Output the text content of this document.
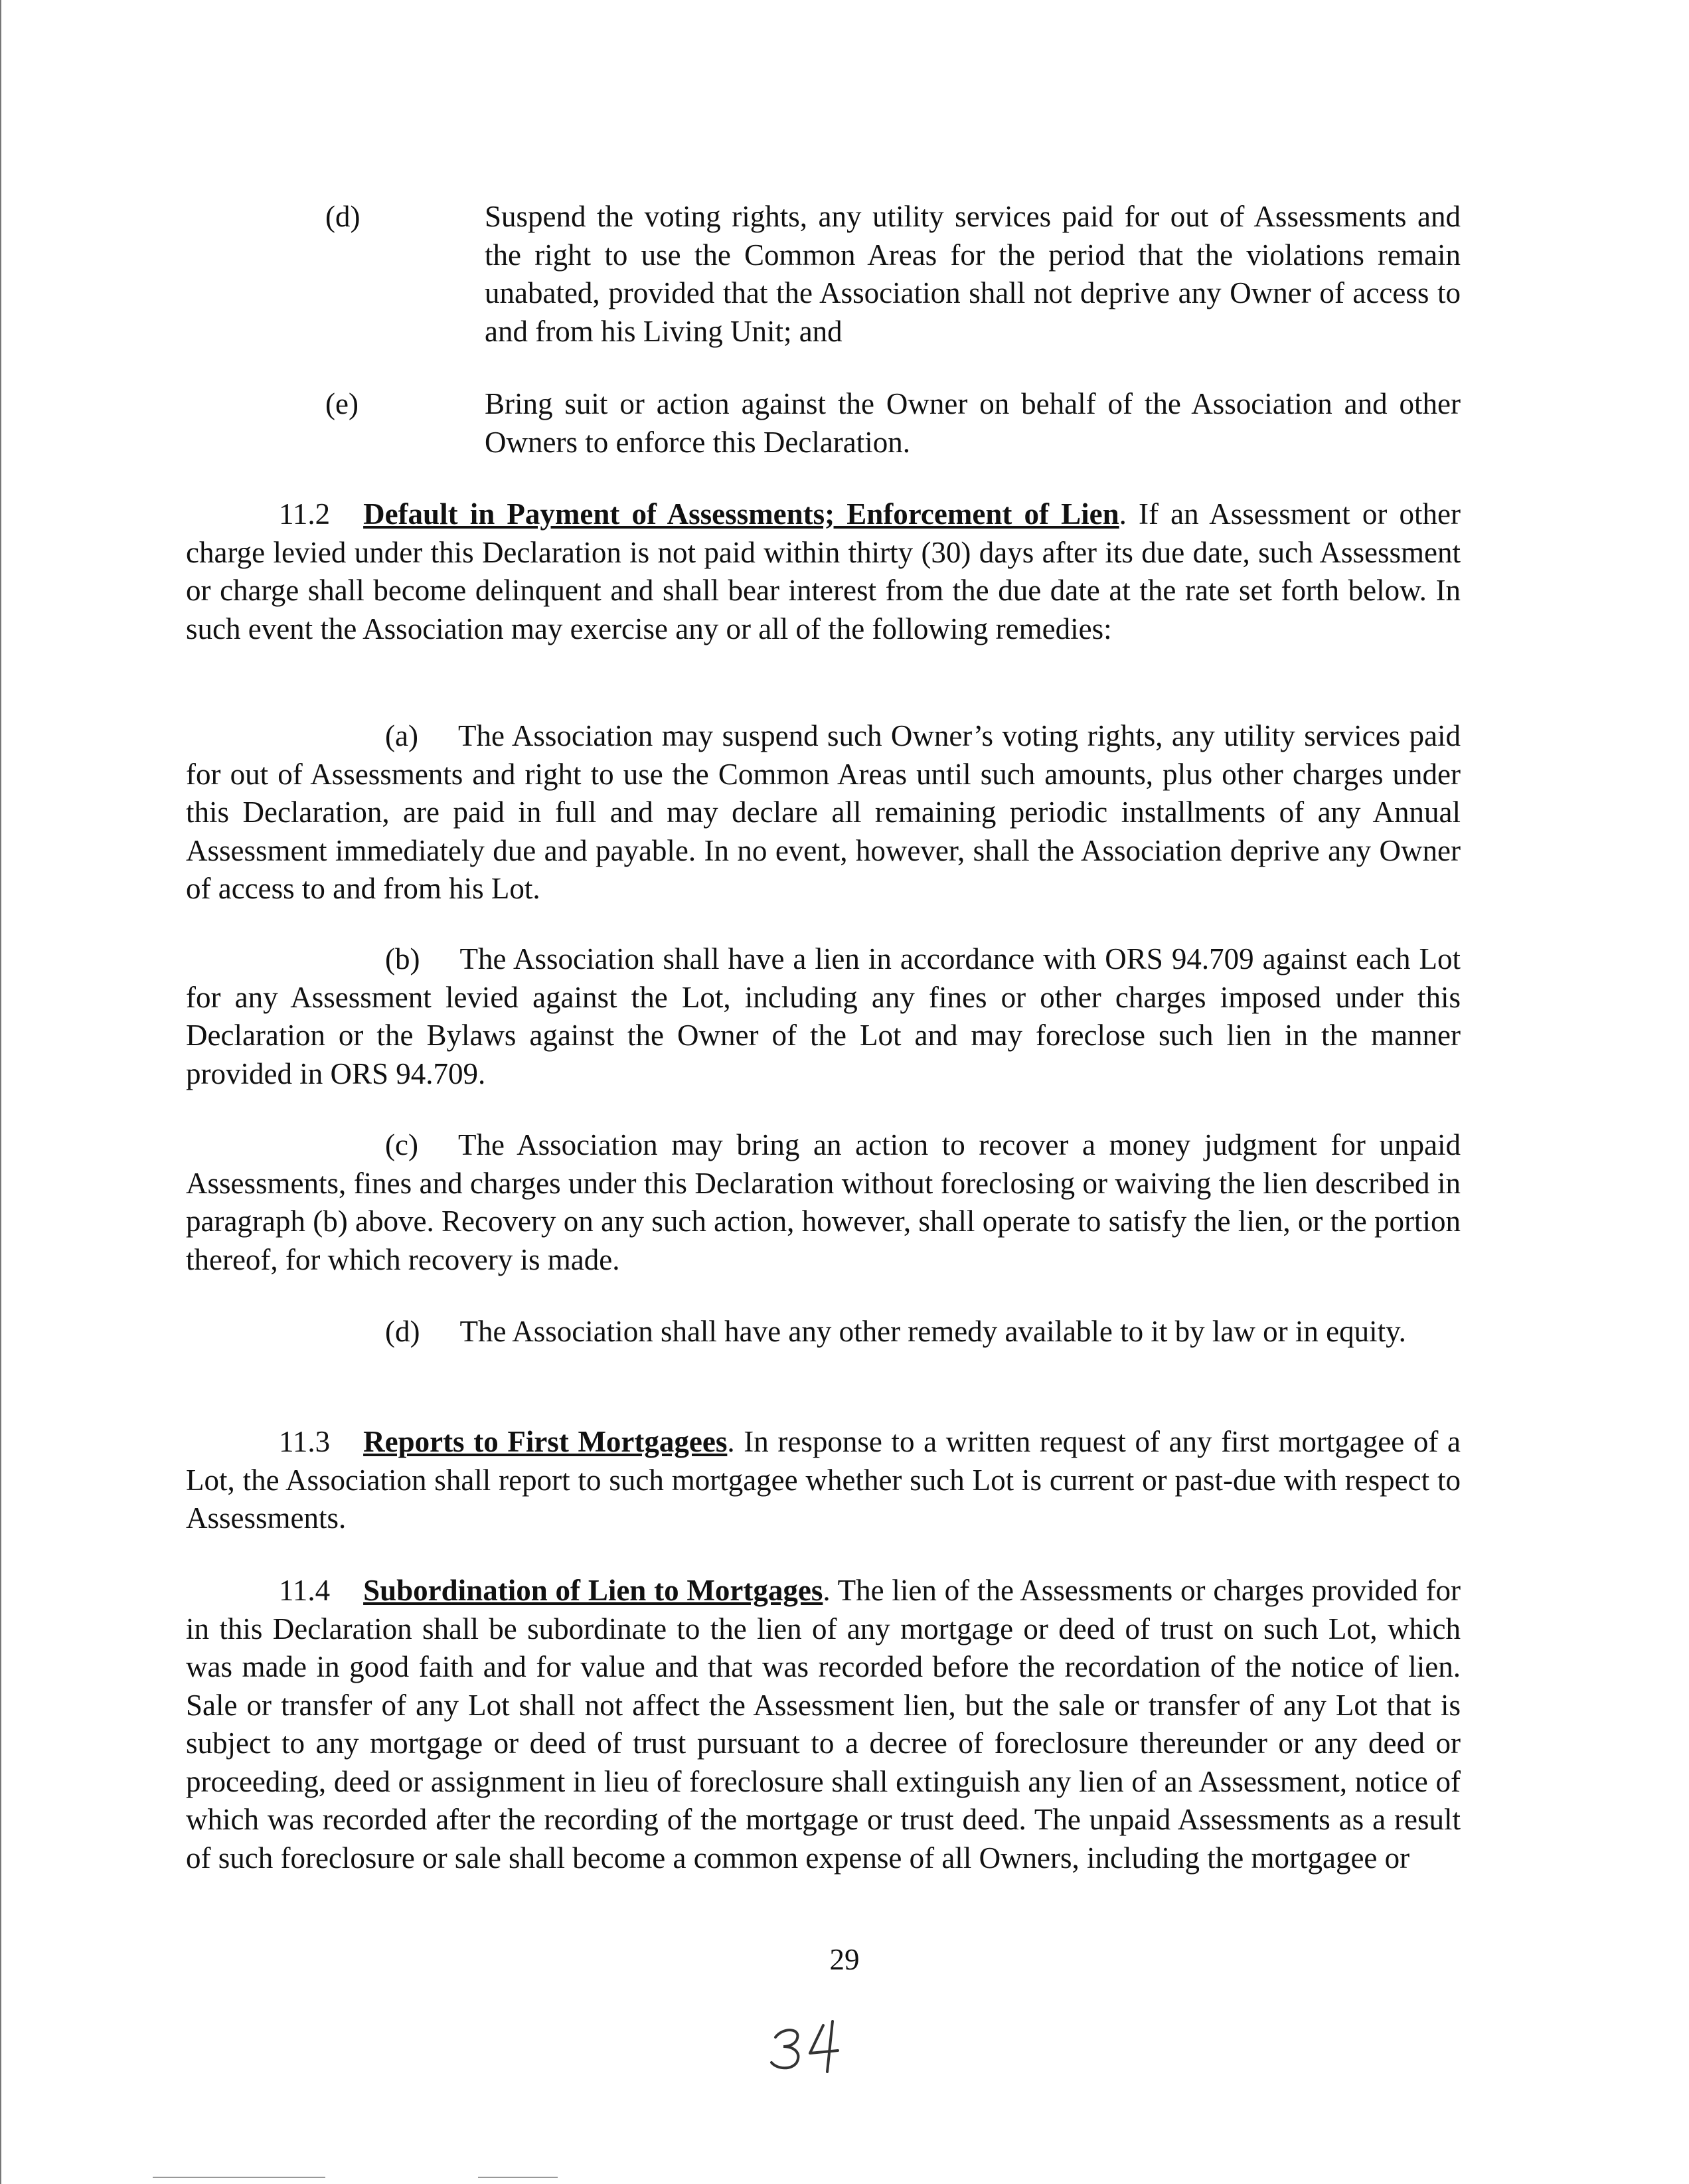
(d)	Suspend the voting rights, any utility services paid for out of Assessments and the right to use the Common Areas for the period that the violations remain unabated, provided that the Association shall not deprive any Owner of access to and from his Living Unit; and
(e)	Bring suit or action against the Owner on behalf of the Association and other Owners to enforce this Declaration.

11.2 Default in Payment of Assessments; Enforcement of Lien. If an Assessment or other charge levied under this Declaration is not paid within thirty (30) days after its due date, such Assessment or charge shall become delinquent and shall bear interest from the due date at the rate set forth below. In such event the Association may exercise any or all of the following remedies:

(a) The Association may suspend such Owner’s voting rights, any utility services paid for out of Assessments and right to use the Common Areas until such amounts, plus other charges under this Declaration, are paid in full and may declare all remaining periodic installments of any Annual Assessment immediately due and payable. In no event, however, shall the Association deprive any Owner of access to and from his Lot.

(b) The Association shall have a lien in accordance with ORS 94.709 against each Lot for any Assessment levied against the Lot, including any fines or other charges imposed under this Declaration or the Bylaws against the Owner of the Lot and may foreclose such lien in the manner provided in ORS 94.709.

(c) The Association may bring an action to recover a money judgment for unpaid Assessments, fines and charges under this Declaration without foreclosing or waiving the lien described in paragraph (b) above. Recovery on any such action, however, shall operate to satisfy the lien, or the portion thereof, for which recovery is made.

(d) The Association shall have any other remedy available to it by law or in equity.

11.3 Reports to First Mortgagees. In response to a written request of any first mortgagee of a Lot, the Association shall report to such mortgagee whether such Lot is current or past-due with respect to Assessments.

11.4 Subordination of Lien to Mortgages. The lien of the Assessments or charges provided for in this Declaration shall be subordinate to the lien of any mortgage or deed of trust on such Lot, which was made in good faith and for value and that was recorded before the recordation of the notice of lien. Sale or transfer of any Lot shall not affect the Assessment lien, but the sale or transfer of any Lot that is subject to any mortgage or deed of trust pursuant to a decree of foreclosure thereunder or any deed or proceeding, deed or assignment in lieu of foreclosure shall extinguish any lien of an Assessment, notice of which was recorded after the recording of the mortgage or trust deed. The unpaid Assessments as a result of such foreclosure or sale shall become a common expense of all Owners, including the mortgagee or

29
